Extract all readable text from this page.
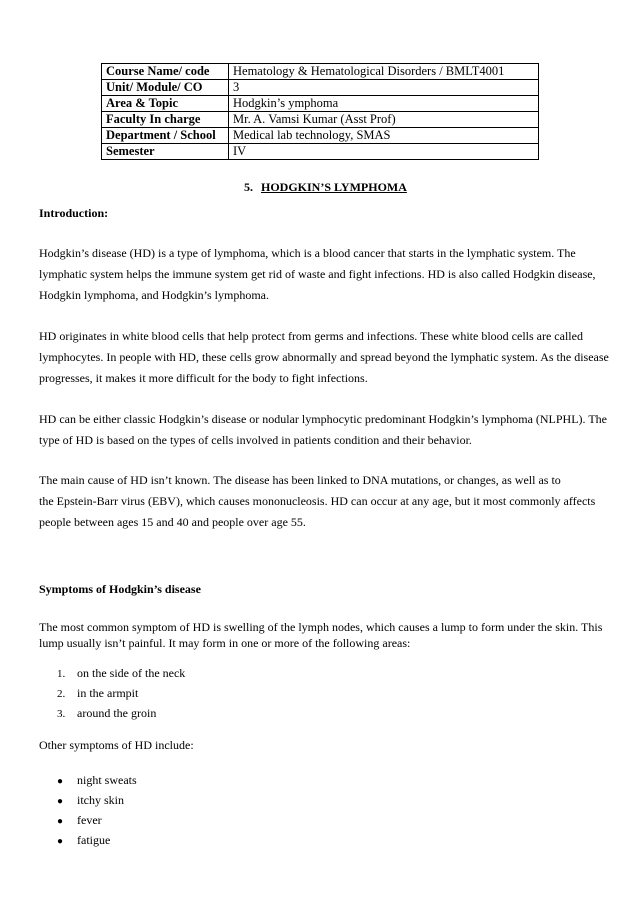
Course Name/ code	Hematology & Hematological Disorders / BMLT4001
Unit/ Module/ CO	3
Area & Topic	Hodgkin’s ymphoma
Faculty In charge	Mr. A. Vamsi Kumar (Asst Prof)
Department / School	Medical lab technology, SMAS
Semester	IV
5. HODGKIN’S LYMPHOMA
Introduction:

Hodgkin’s disease (HD) is a type of lymphoma, which is a blood cancer that starts in the lymphatic system. The
lymphatic system helps the immune system get rid of waste and fight infections. HD is also called Hodgkin disease,
Hodgkin lymphoma, and Hodgkin’s lymphoma.

HD originates in white blood cells that help protect from germs and infections. These white blood cells are called
lymphocytes. In people with HD, these cells grow abnormally and spread beyond the lymphatic system. As the disease
progresses, it makes it more difficult for the body to fight infections.

HD can be either classic Hodgkin’s disease or nodular lymphocytic predominant Hodgkin’s lymphoma (NLPHL). The
type of HD is based on the types of cells involved in patients condition and their behavior.

The main cause of HD isn’t known. The disease has been linked to DNA mutations, or changes, as well as to
the Epstein-Barr virus (EBV), which causes mononucleosis. HD can occur at any age, but it most commonly affects
people between ages 15 and 40 and people over age 55.

Symptoms of Hodgkin’s disease

The most common symptom of HD is swelling of the lymph nodes, which causes a lump to form under the skin. This
lump usually isn’t painful. It may form in one or more of the following areas:

1. on the side of the neck
2. in the armpit
3. around the groin
Other symptoms of HD include:
● night sweats
● itchy skin
● fever
● fatigue
